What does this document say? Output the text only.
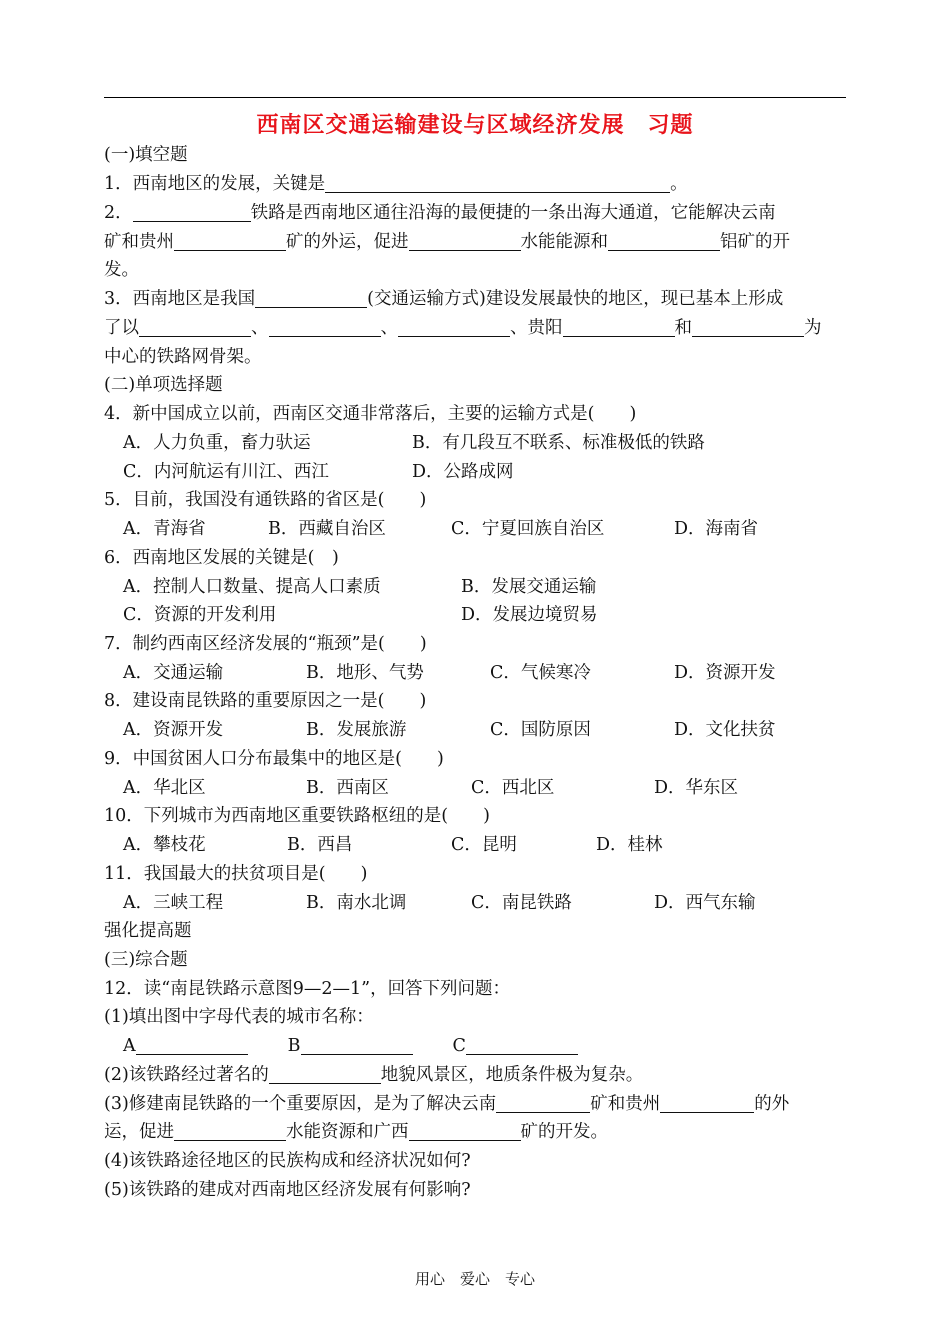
西南区交通运输建设与区域经济发展　习题
(一)填空题
1．西南地区的发展，关键是	。
2．	铁路是西南地区通往沿海的最便捷的一条出海大通道，它能解决云南
矿和贵州	矿的外运，促进	水能能源和	铝矿的开
发。
3．西南地区是我国	(交通运输方式)建设发展最快的地区，现已基本上形成
了以	、	、	、贵阳	和	为
中心的铁路网骨架。
(二)单项选择题
4．新中国成立以前，西南区交通非常落后，主要的运输方式是(　　)
A．人力负重，畜力驮运	B．有几段互不联系、标准极低的铁路
C．内河航运有川江、西江	D．公路成网
5．目前，我国没有通铁路的省区是(　　)
A．青海省	B．西藏自治区	C．宁夏回族自治区	D．海南省
6．西南地区发展的关键是(　)
A．控制人口数量、提高人口素质	B．发展交通运输
C．资源的开发利用	D．发展边境贸易
7．制约西南区经济发展的“瓶颈”是(　　)
A．交通运输	B．地形、气势	C．气候寒冷	D．资源开发
8．建设南昆铁路的重要原因之一是(　　)
A．资源开发	B．发展旅游	C．国防原因	D．文化扶贫
9．中国贫困人口分布最集中的地区是(　　)
A．华北区	B．西南区	C．西北区	D．华东区
10．下列城市为西南地区重要铁路枢纽的是(　　)
A．攀枝花	B．西昌	C．昆明	D．桂林
11．我国最大的扶贫项目是(　　)
A．三峡工程	B．南水北调	C．南昆铁路	D．西气东输
强化提高题
(三)综合题
12．读“南昆铁路示意图9—2—1”，回答下列问题：
(1)填出图中字母代表的城市名称：
A	B	C
(2)该铁路经过著名的	地貌风景区，地质条件极为复杂。
(3)修建南昆铁路的一个重要原因，是为了解决云南	矿和贵州	的外
运，促进	水能资源和广西	矿的开发。
(4)该铁路途径地区的民族构成和经济状况如何?
(5)该铁路的建成对西南地区经济发展有何影响?
用心　爱心　专心
